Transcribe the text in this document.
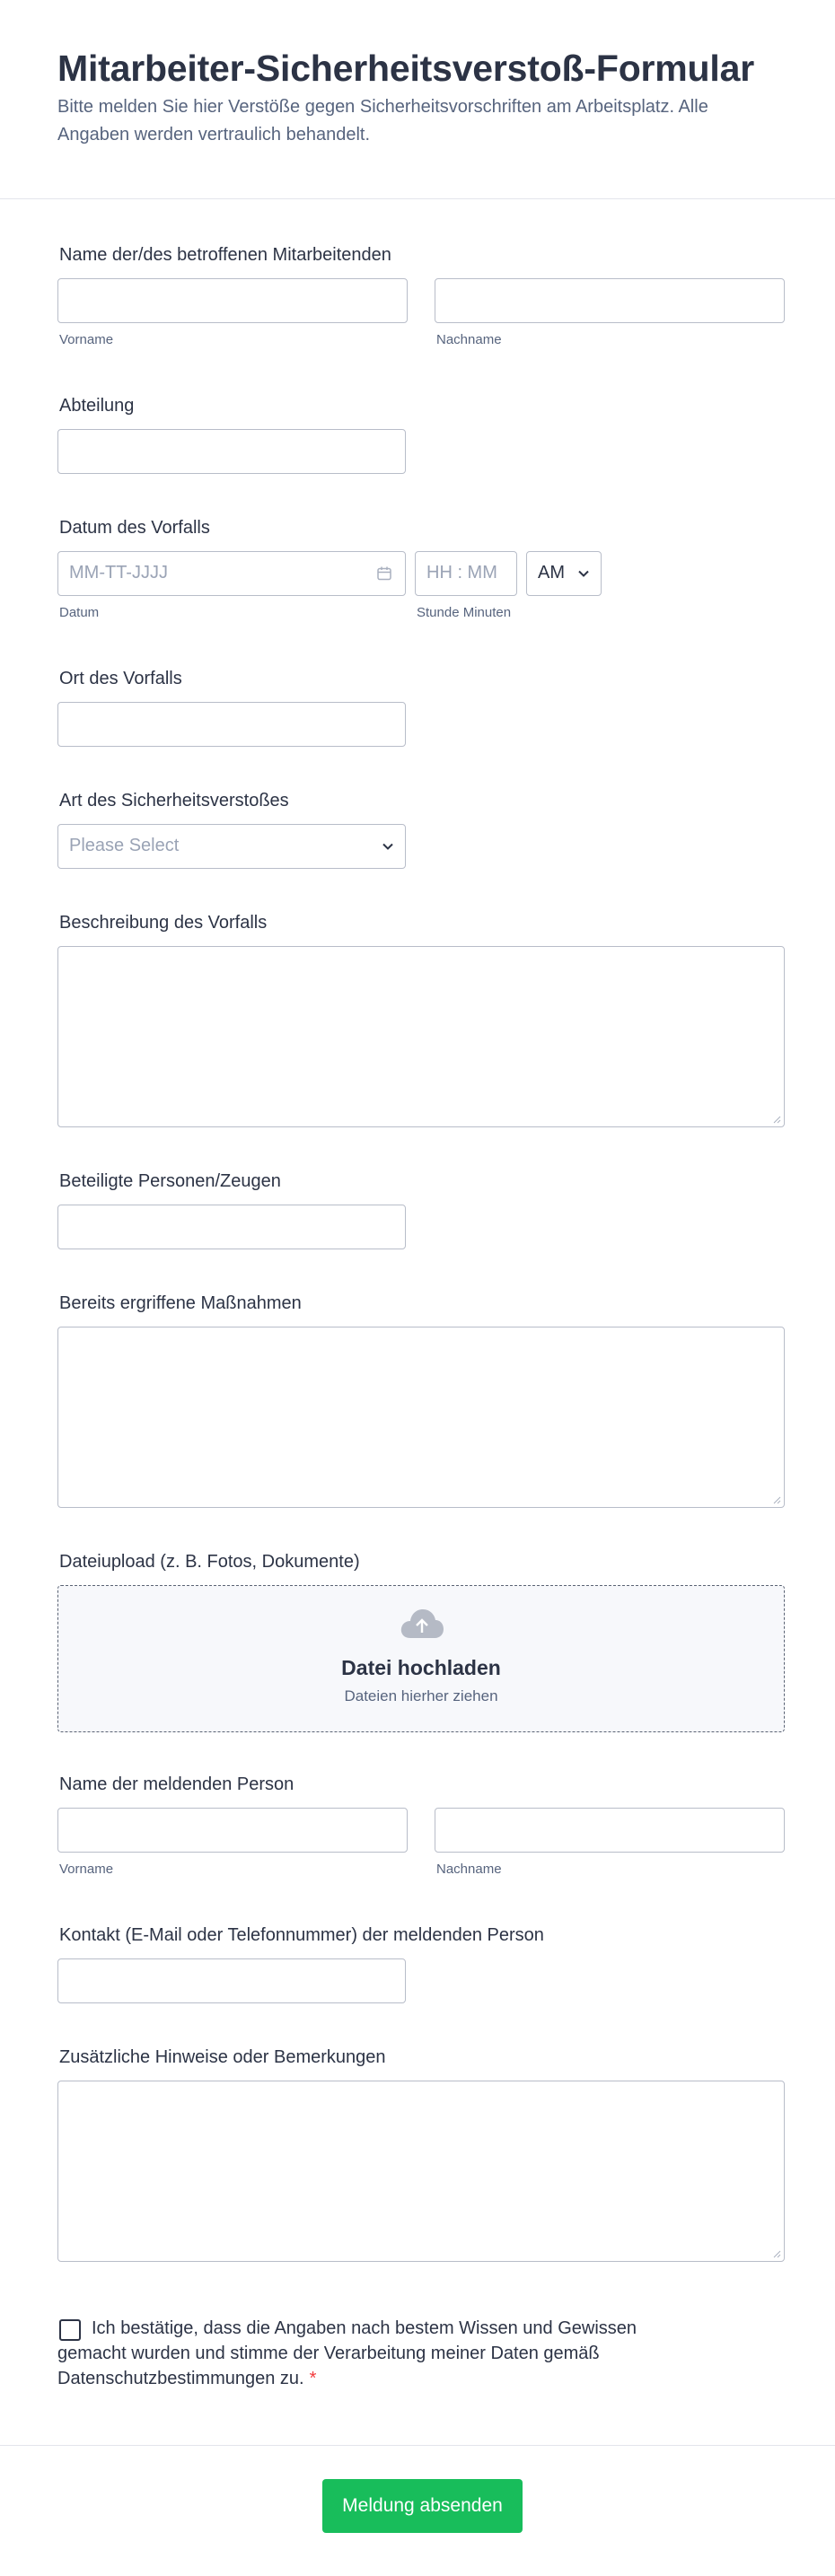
Mitarbeiter-Sicherheitsverstoß-Formular

Bitte melden Sie hier Verstöße gegen Sicherheitsvorschriften am Arbeitsplatz. Alle Angaben werden vertraulich behandelt.

Name der/des betroffenen Mitarbeitenden
Vorname	Nachname
Abteilung
Datum des Vorfalls
MM-TT-JJJJ	HH : MM AM
Datum	Stunde Minuten
Ort des Vorfalls
Art des Sicherheitsverstoßes
Please Select
Beschreibung des Vorfalls
Beteiligte Personen/Zeugen
Bereits ergriffene Maßnahmen
Dateiupload (z. B. Fotos, Dokumente)
Datei hochladen
Dateien hierher ziehen
Name der meldenden Person
Vorname	Nachname
Kontakt (E-Mail oder Telefonnummer) der meldenden Person
Zusätzliche Hinweise oder Bemerkungen
Ich bestätige, dass die Angaben nach bestem Wissen und Gewissen gemacht wurden und stimme der Verarbeitung meiner Daten gemäß Datenschutzbestimmungen zu. *
Meldung absenden
